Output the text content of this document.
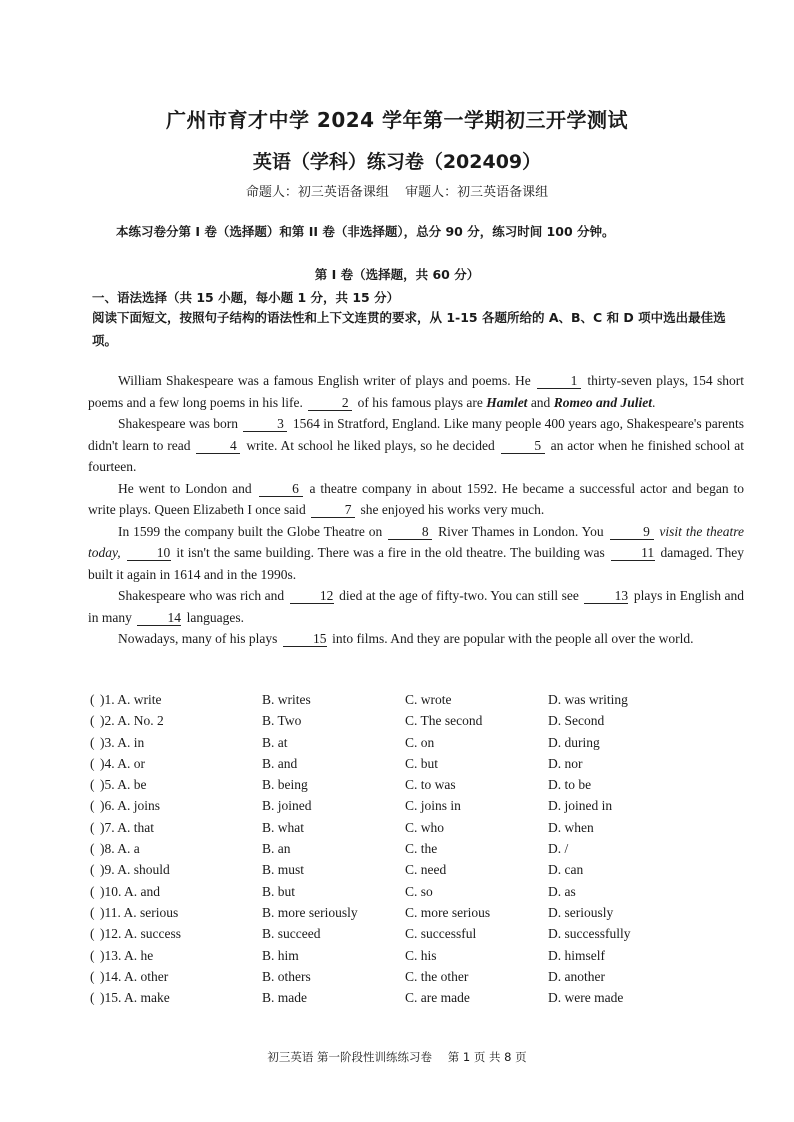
广州市育才中学 2024 学年第一学期初三开学测试
英语（学科）练习卷（202409）
命题人：初三英语备课组 审题人：初三英语备课组
本练习卷分第 I 卷（选择题）和第 II 卷（非选择题），总分 90 分，练习时间 100 分钟。
第 I 卷（选择题，共 60 分）
一、语法选择（共 15 小题，每小题 1 分，共 15 分）
阅读下面短文，按照句子结构的语法性和上下文连贯的要求，从 1-15 各题所给的 A、B、C 和 D 项中选出最佳选项。

William Shakespeare was a famous English writer of plays and poems. He	1 thirty-seven plays, 154 short poems and a few long poems in his life.	2 of his famous plays are Hamlet and Romeo and Juliet.

Shakespeare was born	3 1564 in Stratford, England. Like many people 400 years ago, Shakespeare's parents didn't learn to read	4 write. At school he liked plays, so he decided	5 an actor when he finished school at fourteen.

He went to London and	6 a theatre company in about 1592. He became a successful actor and began to write plays. Queen Elizabeth I once said	7 she enjoyed his works very much.

In 1599 the company built the Globe Theatre on	8 River Thames in London. You	9 visit the theatre today,	10 it isn't the same building. There was a fire in the old theatre. The building was	11 damaged. They built it again in 1614 and in the 1990s.

Shakespeare who was rich and	12 died at the age of fifty-two. You can still see	13 plays in English and in many	14 languages.

Nowadays, many of his plays	15 into films. And they are popular with the people all over the world.

( )1. A. write	B. writes	C. wrote	D. was writing
( )2. A. No. 2	B. Two	C. The second	D. Second
( )3. A. in	B. at	C. on	D. during
( )4. A. or	B. and	C. but	D. nor
( )5. A. be	B. being	C. to was	D. to be
( )6. A. joins	B. joined	C. joins in	D. joined in
( )7. A. that	B. what	C. who	D. when
( )8. A. a	B. an	C. the	D. /
( )9. A. should	B. must	C. need	D. can
( )10. A. and	B. but	C. so	D. as
( )11. A. serious	B. more seriously	C. more serious	D. seriously
( )12. A. success	B. succeed	C. successful	D. successfully
( )13. A. he	B. him	C. his	D. himself
( )14. A. other	B. others	C. the other	D. another
( )15. A. make	B. made	C. are made	D. were made
初三英语 第一阶段性训练练习卷 第 1 页 共 8 页
